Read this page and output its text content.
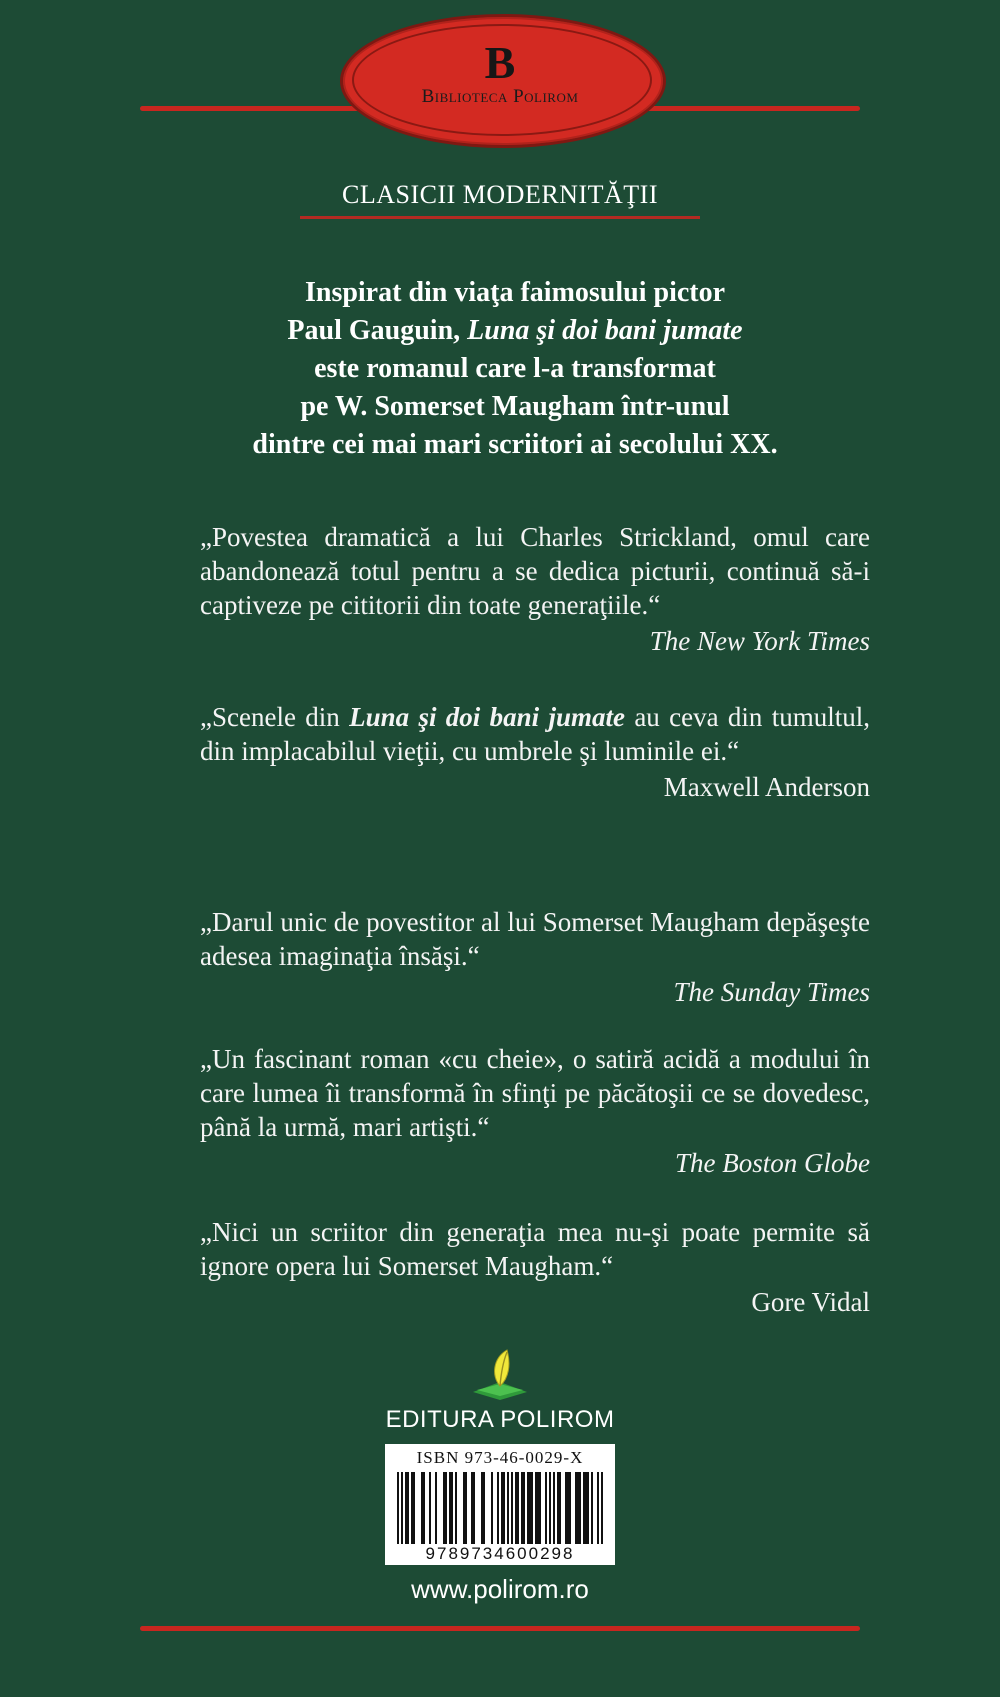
B
Biblioteca Polirom
CLASICII MODERNITĂŢII
Inspirat din viaţa faimosului pictor
Paul Gauguin, Luna şi doi bani jumate
este romanul care l-a transformat
pe W. Somerset Maugham într-unul
dintre cei mai mari scriitori ai secolului XX.

„Povestea dramatică a lui Charles Strickland, omul care abandonează totul pentru a se dedica picturii, continuă să-i captiveze pe cititorii din toate generaţiile.“

The New York Times

„Scenele din Luna şi doi bani jumate au ceva din tumultul, din implacabilul vieţii, cu umbrele şi luminile ei.“

Maxwell Anderson

„Darul unic de povestitor al lui Somerset Maugham depăşeşte adesea imaginaţia însăşi.“

The Sunday Times

„Un fascinant roman «cu cheie», o satiră acidă a modului în care lumea îi transformă în sfinţi pe păcătoşii ce se dovedesc, până la urmă, mari artişti.“

The Boston Globe

„Nici un scriitor din generaţia mea nu-şi poate permite să ignore opera lui Somerset Maugham.“

Gore Vidal
EDITURA POLIROM
ISBN 973-46-0029-X
9789734600298
www.polirom.ro
